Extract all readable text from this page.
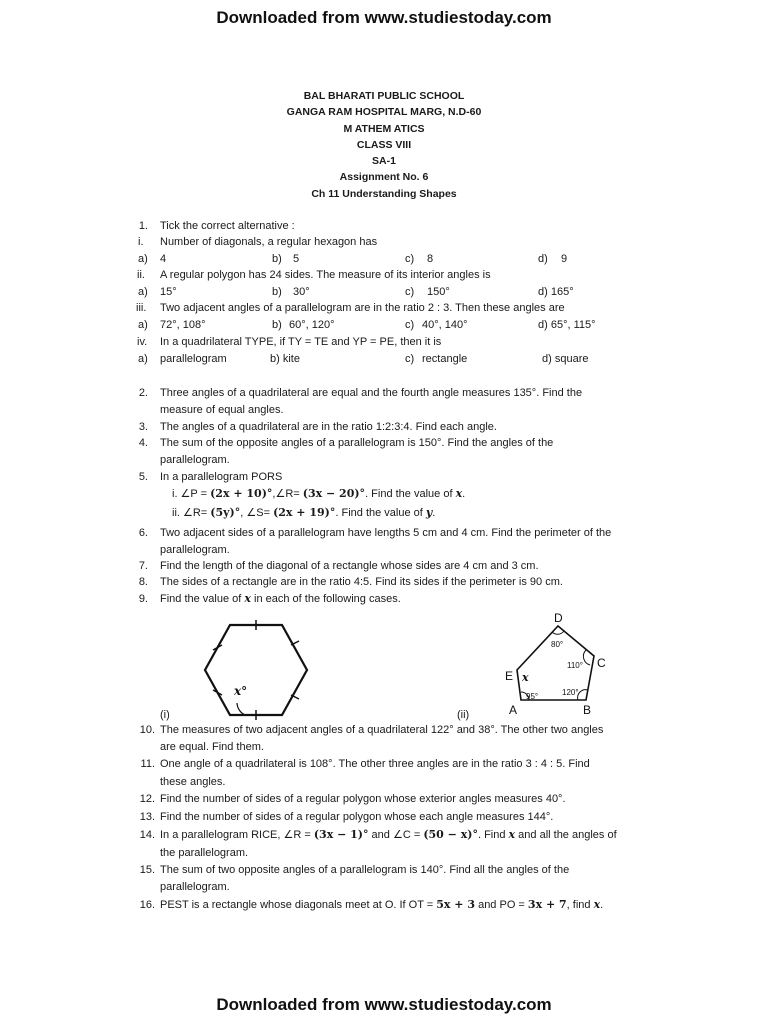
Downloaded from www.studiestoday.com
BAL BHARATI PUBLIC SCHOOL
GANGA RAM HOSPITAL MARG, N.D-60
M ATHEM ATICS
CLASS VIII
SA-1
Assignment No. 6
Ch 11 Understanding Shapes
1. Tick the correct alternative :
i. Number of diagonals, a regular hexagon has
a) 4	b) 5	c) 8	d) 9
ii. A regular polygon has 24 sides. The measure of its interior angles is
a) 15°	b) 30°	c) 150°	d) 165°
iii. Two adjacent angles of a parallelogram are in the ratio 2 : 3. Then these angles are
a) 72°, 108°	b) 60°, 120°	c) 40°, 140°	d) 65°, 115°
iv. In a quadrilateral TYPE, if TY = TE and YP = PE, then it is
a) parallelogram	b) kite	c) rectangle	d) square
2. Three angles of a quadrilateral are equal and the fourth angle measures 135°. Find the
measure of equal angles.
3. The angles of a quadrilateral are in the ratio 1:2:3:4. Find each angle.
4. The sum of the opposite angles of a parallelogram is 150°. Find the angles of the
parallelogram.
5. In a parallelogram PORS
i. ∠P = (2x + 10)°,∠R= (3x − 20)°. Find the value of x.
ii. ∠R= (5y)°, ∠S= (2x + 19)°. Find the value of y.
6. Two adjacent sides of a parallelogram have lengths 5 cm and 4 cm. Find the perimeter of the
parallelogram.
7. Find the length of the diagonal of a rectangle whose sides are 4 cm and 3 cm.
8. The sides of a rectangle are in the ratio 4:5. Find its sides if the perimeter is 90 cm.
9. Find the value of x in each of the following cases.
x°
(i)
D
C
B
A
E
80°
110°
120°
95°
x
(ii)
10. The measures of two adjacent angles of a quadrilateral 122° and 38°. The other two angles
are equal. Find them.
11. One angle of a quadrilateral is 108°. The other three angles are in the ratio 3 : 4 : 5. Find
these angles.
12. Find the number of sides of a regular polygon whose exterior angles measures 40°.
13. Find the number of sides of a regular polygon whose each angle measures 144°.
14. In a parallelogram RICE, ∠R = (3x − 1)° and ∠C = (50 − x)°. Find x and all the angles of
the parallelogram.
15. The sum of two opposite angles of a parallelogram is 140°. Find all the angles of the
parallelogram.
16. PEST is a rectangle whose diagonals meet at O. If OT = 5x + 3 and PO = 3x + 7, find x.
Downloaded from www.studiestoday.com
